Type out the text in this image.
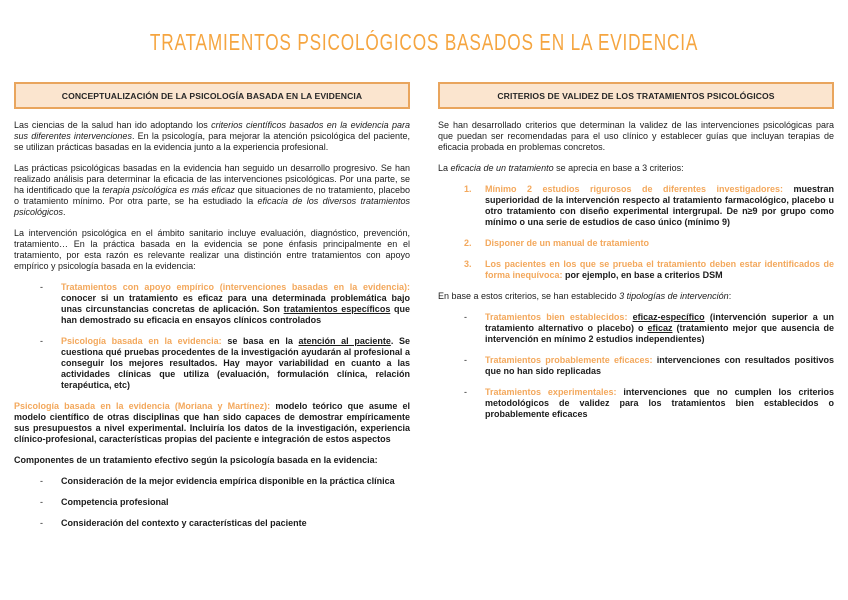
TRATAMIENTOS PSICOLÓGICOS BASADOS EN LA EVIDENCIA
CONCEPTUALIZACIÓN DE LA PSICOLOGÍA BASADA EN LA EVIDENCIA
Las ciencias de la salud han ido adoptando los criterios científicos basados en la evidencia para sus diferentes intervenciones. En la psicología, para mejorar la atención psicológica del paciente, se utilizan prácticas basadas en la evidencia junto a la experiencia profesional.
Las prácticas psicológicas basadas en la evidencia han seguido un desarrollo progresivo. Se han realizado análisis para determinar la eficacia de las intervenciones psicológicas. Por una parte, se ha identificado que la terapia psicológica es más eficaz que situaciones de no tratamiento, placebo o tratamiento mínimo. Por otra parte, se ha estudiado la eficacia de los diversos tratamientos psicológicos.
La intervención psicológica en el ámbito sanitario incluye evaluación, diagnóstico, prevención, tratamiento… En la práctica basada en la evidencia se pone énfasis principalmente en el tratamiento, por esta razón es relevante realizar una distinción entre tratamientos con apoyo empírico y psicología basada en la evidencia:
-	Tratamientos con apoyo empírico (intervenciones basadas en la evidencia): conocer si un tratamiento es eficaz para una determinada problemática bajo unas circunstancias concretas de aplicación. Son tratamientos específicos que han demostrado su eficacia en ensayos clínicos controlados
-	Psicología basada en la evidencia: se basa en la atención al paciente. Se cuestiona qué pruebas procedentes de la investigación ayudarán al profesional a conseguir los mejores resultados. Hay mayor variabilidad en cuanto a las actividades clínicas que utiliza (evaluación, formulación clínica, relación terapéutica, etc)
Psicología basada en la evidencia (Moriana y Martínez): modelo teórico que asume el modelo científico de otras disciplinas que han sido capaces de demostrar empíricamente sus presupuestos a nivel experimental. Incluiría los datos de la investigación, experiencia clínico-profesional, características propias del paciente e integración de estos aspectos
Componentes de un tratamiento efectivo según la psicología basada en la evidencia:
-	Consideración de la mejor evidencia empírica disponible en la práctica clínica
-	Competencia profesional
-	Consideración del contexto y características del paciente
CRITERIOS DE VALIDEZ DE LOS TRATAMIENTOS PSICOLÓGICOS
Se han desarrollado criterios que determinan la validez de las intervenciones psicológicas para que puedan ser recomendadas para el uso clínico y establecer guías que incluyan terapias de eficacia probada en problemas concretos.
La eficacia de un tratamiento se aprecia en base a 3 criterios:
1.	Mínimo 2 estudios rigurosos de diferentes investigadores: muestran superioridad de la intervención respecto al tratamiento farmacológico, placebo u otro tratamiento con diseño experimental intergrupal. De n≥9 por grupo como mínimo o una serie de estudios de caso único (mínimo 9)
2.	Disponer de un manual de tratamiento
3.	Los pacientes en los que se prueba el tratamiento deben estar identificados de forma inequívoca: por ejemplo, en base a criterios DSM
En base a estos criterios, se han establecido 3 tipologías de intervención:
-	Tratamientos bien establecidos: eficaz-específico (intervención superior a un tratamiento alternativo o placebo) o eficaz (tratamiento mejor que ausencia de intervención en mínimo 2 estudios independientes)
-	Tratamientos probablemente eficaces: intervenciones con resultados positivos que no han sido replicadas
-	Tratamientos experimentales: intervenciones que no cumplen los criterios metodológicos de validez para los tratamientos bien establecidos o probablemente eficaces
